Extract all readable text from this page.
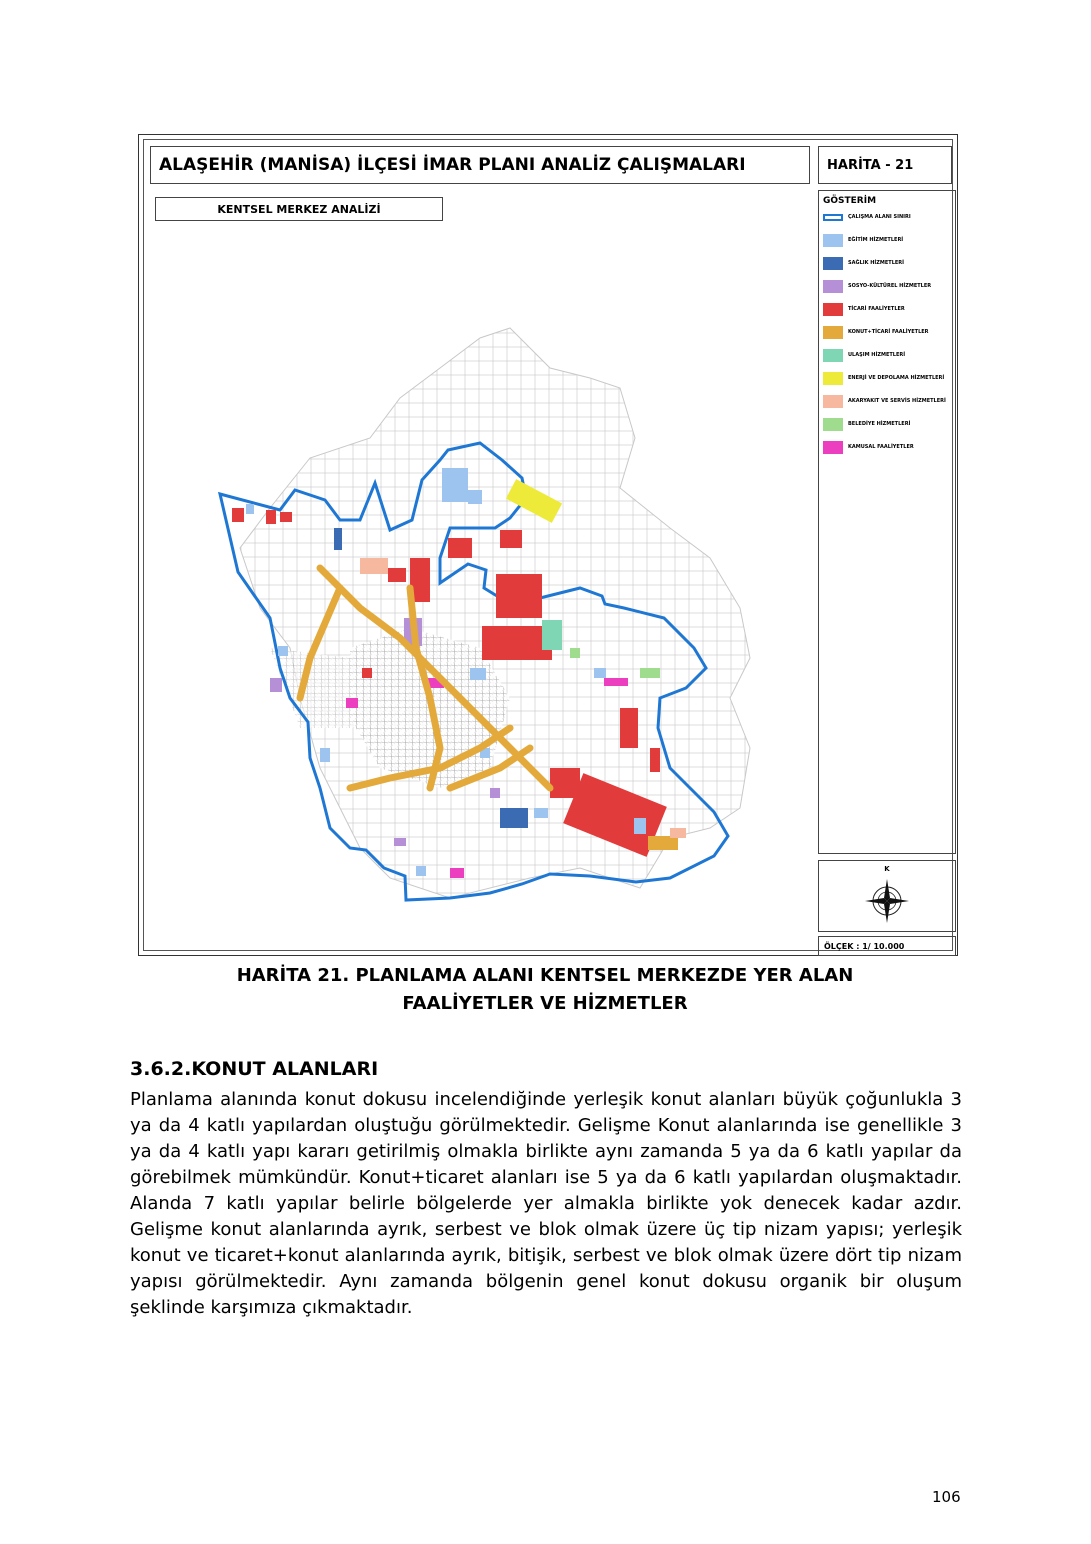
ALAŞEHİR (MANİSA) İLÇESİ İMAR PLANI ANALİZ ÇALIŞMALARI	HARİTA - 21
KENTSEL MERKEZ ANALİZİ
GÖSTERİM
ÇALIŞMA ALANI SINIRI
EĞİTİM HİZMETLERİ
SAĞLIK HİZMETLERİ
SOSYO-KÜLTÜREL HİZMETLER
TİCARİ FAALİYETLER
KONUT+TİCARİ FAALİYETLER
ULAŞIM HİZMETLERİ
ENERJİ VE DEPOLAMA HİZMETLERİ
AKARYAKIT VE SERVİS HİZMETLERİ
BELEDİYE HİZMETLERİ
KAMUSAL FAALİYETLER
K
ÖLÇEK : 1/ 10.000
HARİTA 21. PLANLAMA ALANI KENTSEL MERKEZDE YER ALAN
FAALİYETLER VE HİZMETLER
3.6.2.KONUT ALANLARI
Planlama alanında konut dokusu incelendiğinde yerleşik konut alanları büyük çoğunlukla 3 ya da 4 katlı yapılardan oluştuğu görülmektedir. Gelişme Konut alanlarında ise genellikle 3 ya da 4 katlı yapı kararı getirilmiş olmakla birlikte aynı zamanda 5 ya da 6 katlı yapılar da görebilmek mümkündür. Konut+ticaret alanları ise 5 ya da 6 katlı yapılardan oluşmaktadır. Alanda 7 katlı yapılar belirle bölgelerde yer almakla birlikte yok denecek kadar azdır. Gelişme konut alanlarında ayrık, serbest ve blok olmak üzere üç tip nizam yapısı; yerleşik konut ve ticaret+konut alanlarında ayrık, bitişik, serbest ve blok olmak üzere dört tip nizam yapısı görülmektedir. Aynı zamanda bölgenin genel konut dokusu organik bir oluşum şeklinde karşımıza çıkmaktadır.
106
